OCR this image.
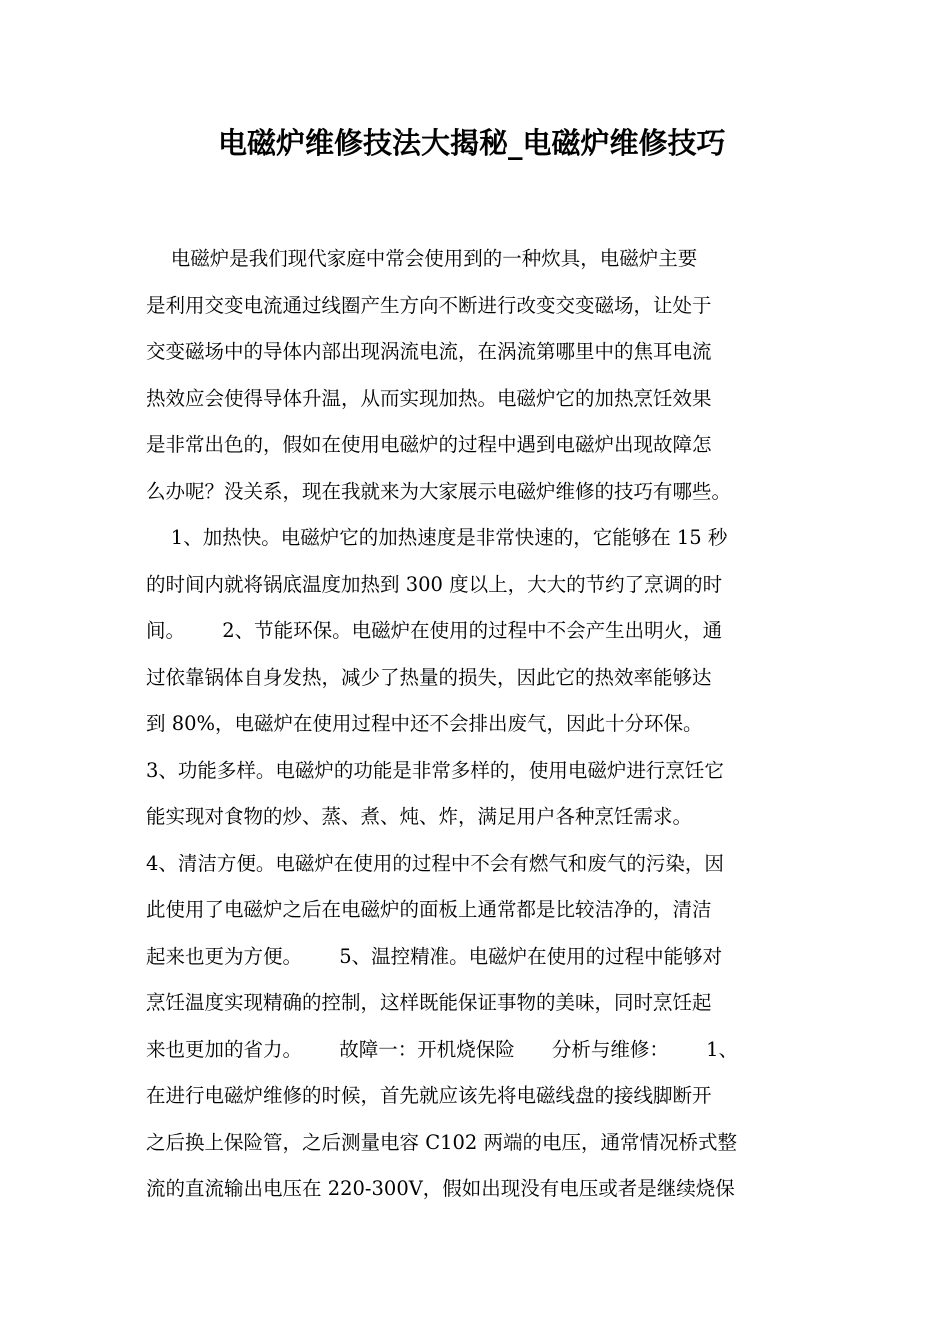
电磁炉维修技法大揭秘_电磁炉维修技巧
电磁炉是我们现代家庭中常会使用到的一种炊具，电磁炉主要
是利用交变电流通过线圈产生方向不断进行改变交变磁场，让处于
交变磁场中的导体内部出现涡流电流，在涡流第哪里中的焦耳电流
热效应会使得导体升温，从而实现加热。电磁炉它的加热烹饪效果
是非常出色的，假如在使用电磁炉的过程中遇到电磁炉出现故障怎
么办呢？没关系，现在我就来为大家展示电磁炉维修的技巧有哪些。
1、加热快。电磁炉它的加热速度是非常快速的，它能够在 15 秒
的时间内就将锅底温度加热到 300 度以上，大大的节约了烹调的时
间。      2、节能环保。电磁炉在使用的过程中不会产生出明火，通
过依靠锅体自身发热，减少了热量的损失，因此它的热效率能够达
到 80%，电磁炉在使用过程中还不会排出废气，因此十分环保。
3、功能多样。电磁炉的功能是非常多样的，使用电磁炉进行烹饪它
能实现对食物的炒、蒸、煮、炖、炸，满足用户各种烹饪需求。
4、清洁方便。电磁炉在使用的过程中不会有燃气和废气的污染，因
此使用了电磁炉之后在电磁炉的面板上通常都是比较洁净的，清洁
起来也更为方便。      5、温控精准。电磁炉在使用的过程中能够对
烹饪温度实现精确的控制，这样既能保证事物的美味，同时烹饪起
来也更加的省力。      故障一：开机烧保险      分析与维修：      1、
在进行电磁炉维修的时候，首先就应该先将电磁线盘的接线脚断开
之后换上保险管，之后测量电容 C102 两端的电压，通常情况桥式整
流的直流输出电压在 220-300V，假如出现没有电压或者是继续烧保
